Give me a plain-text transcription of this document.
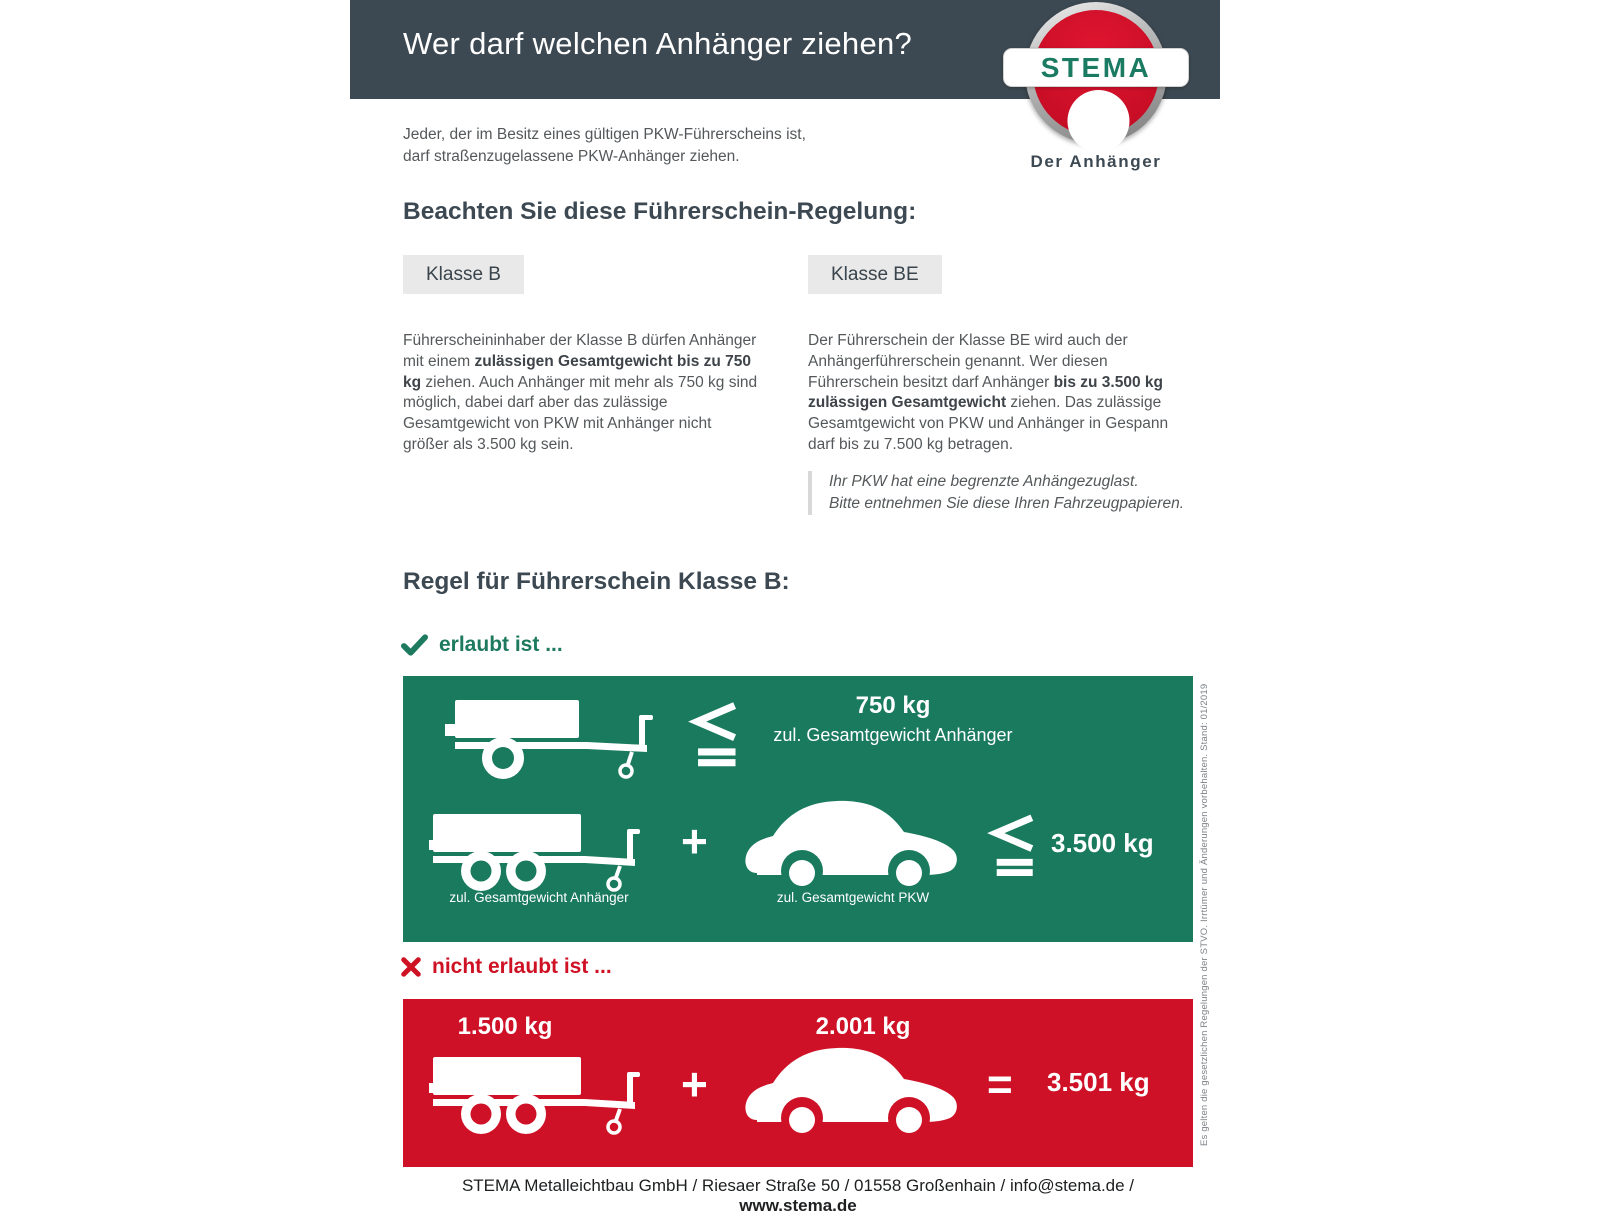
Wer darf welchen Anhänger ziehen?
STEMA
Der Anhänger
Jeder, der im Besitz eines gültigen PKW-Führerscheins ist,
darf straßenzugelassene PKW-Anhänger ziehen.
Beachten Sie diese Führerschein-Regelung:
Klasse B	Klasse BE
Führerscheininhaber der Klasse B dürfen Anhänger mit einem zulässigen Gesamtgewicht bis zu 750 kg ziehen. Auch Anhänger mit mehr als 750 kg sind möglich, dabei darf aber das zulässige Gesamtgewicht von PKW mit Anhänger nicht größer als 3.500 kg sein.
Der Führerschein der Klasse BE wird auch der Anhängerführerschein genannt. Wer diesen Führerschein besitzt darf Anhänger bis zu 3.500 kg zulässigen Gesamtgewicht ziehen. Das zulässige Gesamtgewicht von PKW und Anhänger in Gespann darf bis zu 7.500 kg betragen.
Ihr PKW hat eine begrenzte Anhängezuglast.
Bitte entnehmen Sie diese Ihren Fahrzeugpapieren.
Regel für Führerschein Klasse B:
erlaubt ist ...
750 kg
zul. Gesamtgewicht Anhänger
zul. Gesamtgewicht Anhänger
+
zul. Gesamtgewicht PKW
3.500 kg
nicht erlaubt ist ...
1.500 kg	2.001 kg
+	= 3.501 kg
STEMA Metalleichtbau GmbH / Riesaer Straße 50 / 01558 Großenhain / info@stema.de / www.stema.de
Es gelten die gesetzlichen Regelungen der STVO. Irrtümer und Änderungen vorbehalten. Stand: 01/2019
